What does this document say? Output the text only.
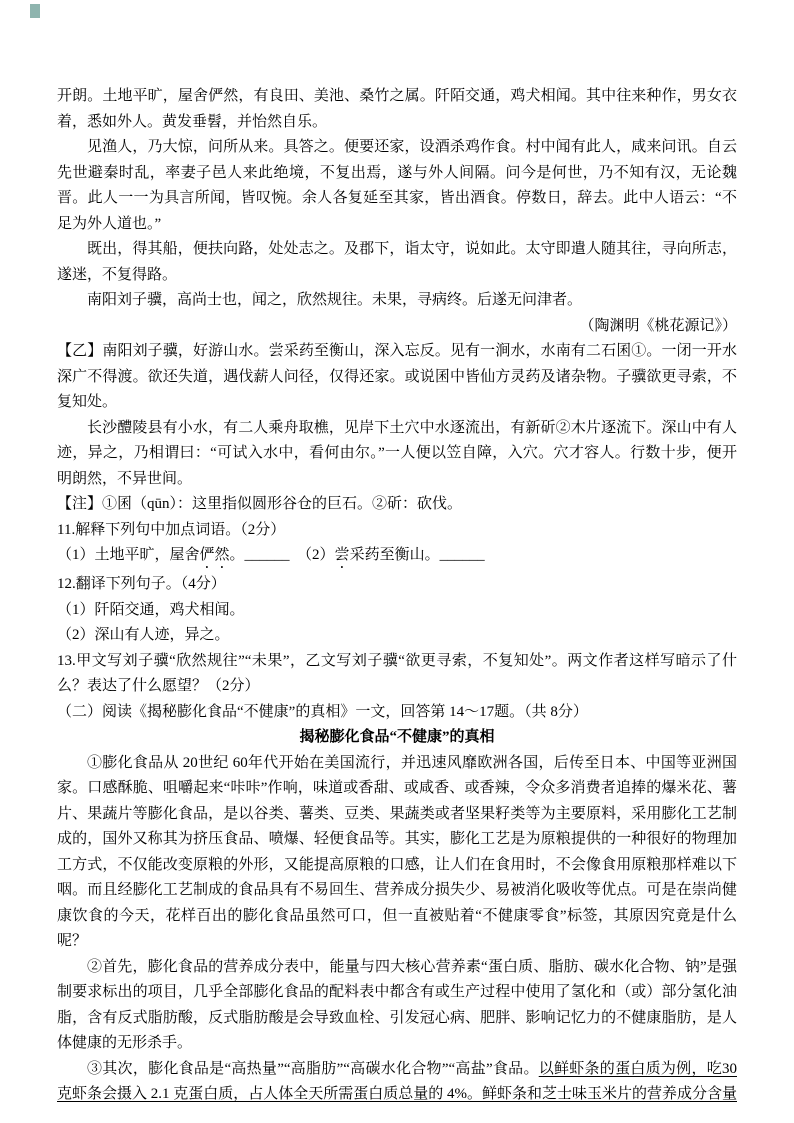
开朗。土地平旷，屋舍俨然，有良田、美池、桑竹之属。阡陌交通，鸡犬相闻。其中往来种作，男女衣着，悉如外人。黄发垂髫，并怡然自乐。

见渔人，乃大惊，问所从来。具答之。便要还家，设酒杀鸡作食。村中闻有此人，咸来问讯。自云先世避秦时乱，率妻子邑人来此绝境，不复出焉，遂与外人间隔。问今是何世，乃不知有汉，无论魏晋。此人一一为具言所闻，皆叹惋。余人各复延至其家，皆出酒食。停数日，辞去。此中人语云：“不足为外人道也。”

既出，得其船，便扶向路，处处志之。及郡下，诣太守，说如此。太守即遣人随其往，寻向所志，遂迷，不复得路。

南阳刘子骥，高尚士也，闻之，欣然规往。未果，寻病终。后遂无问津者。

（陶渊明《桃花源记》）

【乙】南阳刘子骥，好游山水。尝采药至衡山，深入忘反。见有一涧水，水南有二石囷①。一闭一开水深广不得渡。欲还失道，遇伐薪人问径，仅得还家。或说囷中皆仙方灵药及诸杂物。子骥欲更寻索，不复知处。

长沙醴陵县有小水，有二人乘舟取樵，见岸下土穴中水逐流出，有新斫②木片逐流下。深山中有人迹，异之，乃相谓曰：“可试入水中，看何由尔。”一人便以笠自障，入穴。穴才容人。行数十步，便开明朗然，不异世间。

【注】①囷（qūn）：这里指似圆形谷仓的巨石。②斫：砍伐。

11.解释下列句中加点词语。（2分）

（1）土地平旷，屋舍俨然。______　（2）尝采药至衡山。______

12.翻译下列句子。（4分）

（1）阡陌交通，鸡犬相闻。

（2）深山有人迹，异之。

13.甲文写刘子骥“欣然规往”“未果”，乙文写刘子骥“欲更寻索，不复知处”。两文作者这样写暗示了什么？表达了什么愿望？（2分）

（二）阅读《揭秘膨化食品“不健康”的真相》一文，回答第 14～17题。（共 8分）

揭秘膨化食品“不健康”的真相

①膨化食品从 20世纪 60年代开始在美国流行，并迅速风靡欧洲各国，后传至日本、中国等亚洲国家。口感酥脆、咀嚼起来“咔咔”作响，味道或香甜、或咸香、或香辣，令众多消费者追捧的爆米花、薯片、果蔬片等膨化食品，是以谷类、薯类、豆类、果蔬类或者坚果籽类等为主要原料，采用膨化工艺制成的，国外又称其为挤压食品、喷爆、轻便食品等。其实，膨化工艺是为原粮提供的一种很好的物理加工方式，不仅能改变原粮的外形，又能提高原粮的口感，让人们在食用时，不会像食用原粮那样难以下咽。而且经膨化工艺制成的食品具有不易回生、营养成分损失少、易被消化吸收等优点。可是在崇尚健康饮食的今天，花样百出的膨化食品虽然可口，但一直被贴着“不健康零食”标签，其原因究竟是什么呢？

②首先，膨化食品的营养成分表中，能量与四大核心营养素“蛋白质、脂肪、碳水化合物、钠”是强制要求标出的项目，几乎全部膨化食品的配料表中都含有或生产过程中使用了氢化和（或）部分氢化油脂，含有反式脂肪酸，反式脂肪酸是会导致血栓、引发冠心病、肥胖、影响记忆力的不健康脂肪，是人体健康的无形杀手。

③其次，膨化食品是“高热量”“高脂肪”“高碳水化合物”“高盐”食品。以鲜虾条的蛋白质为例，吃30 克虾条会摄入 2.1 克蛋白质，占人体全天所需蛋白质总量的 4%。鲜虾条和芝士味玉米片的营养成分含量
